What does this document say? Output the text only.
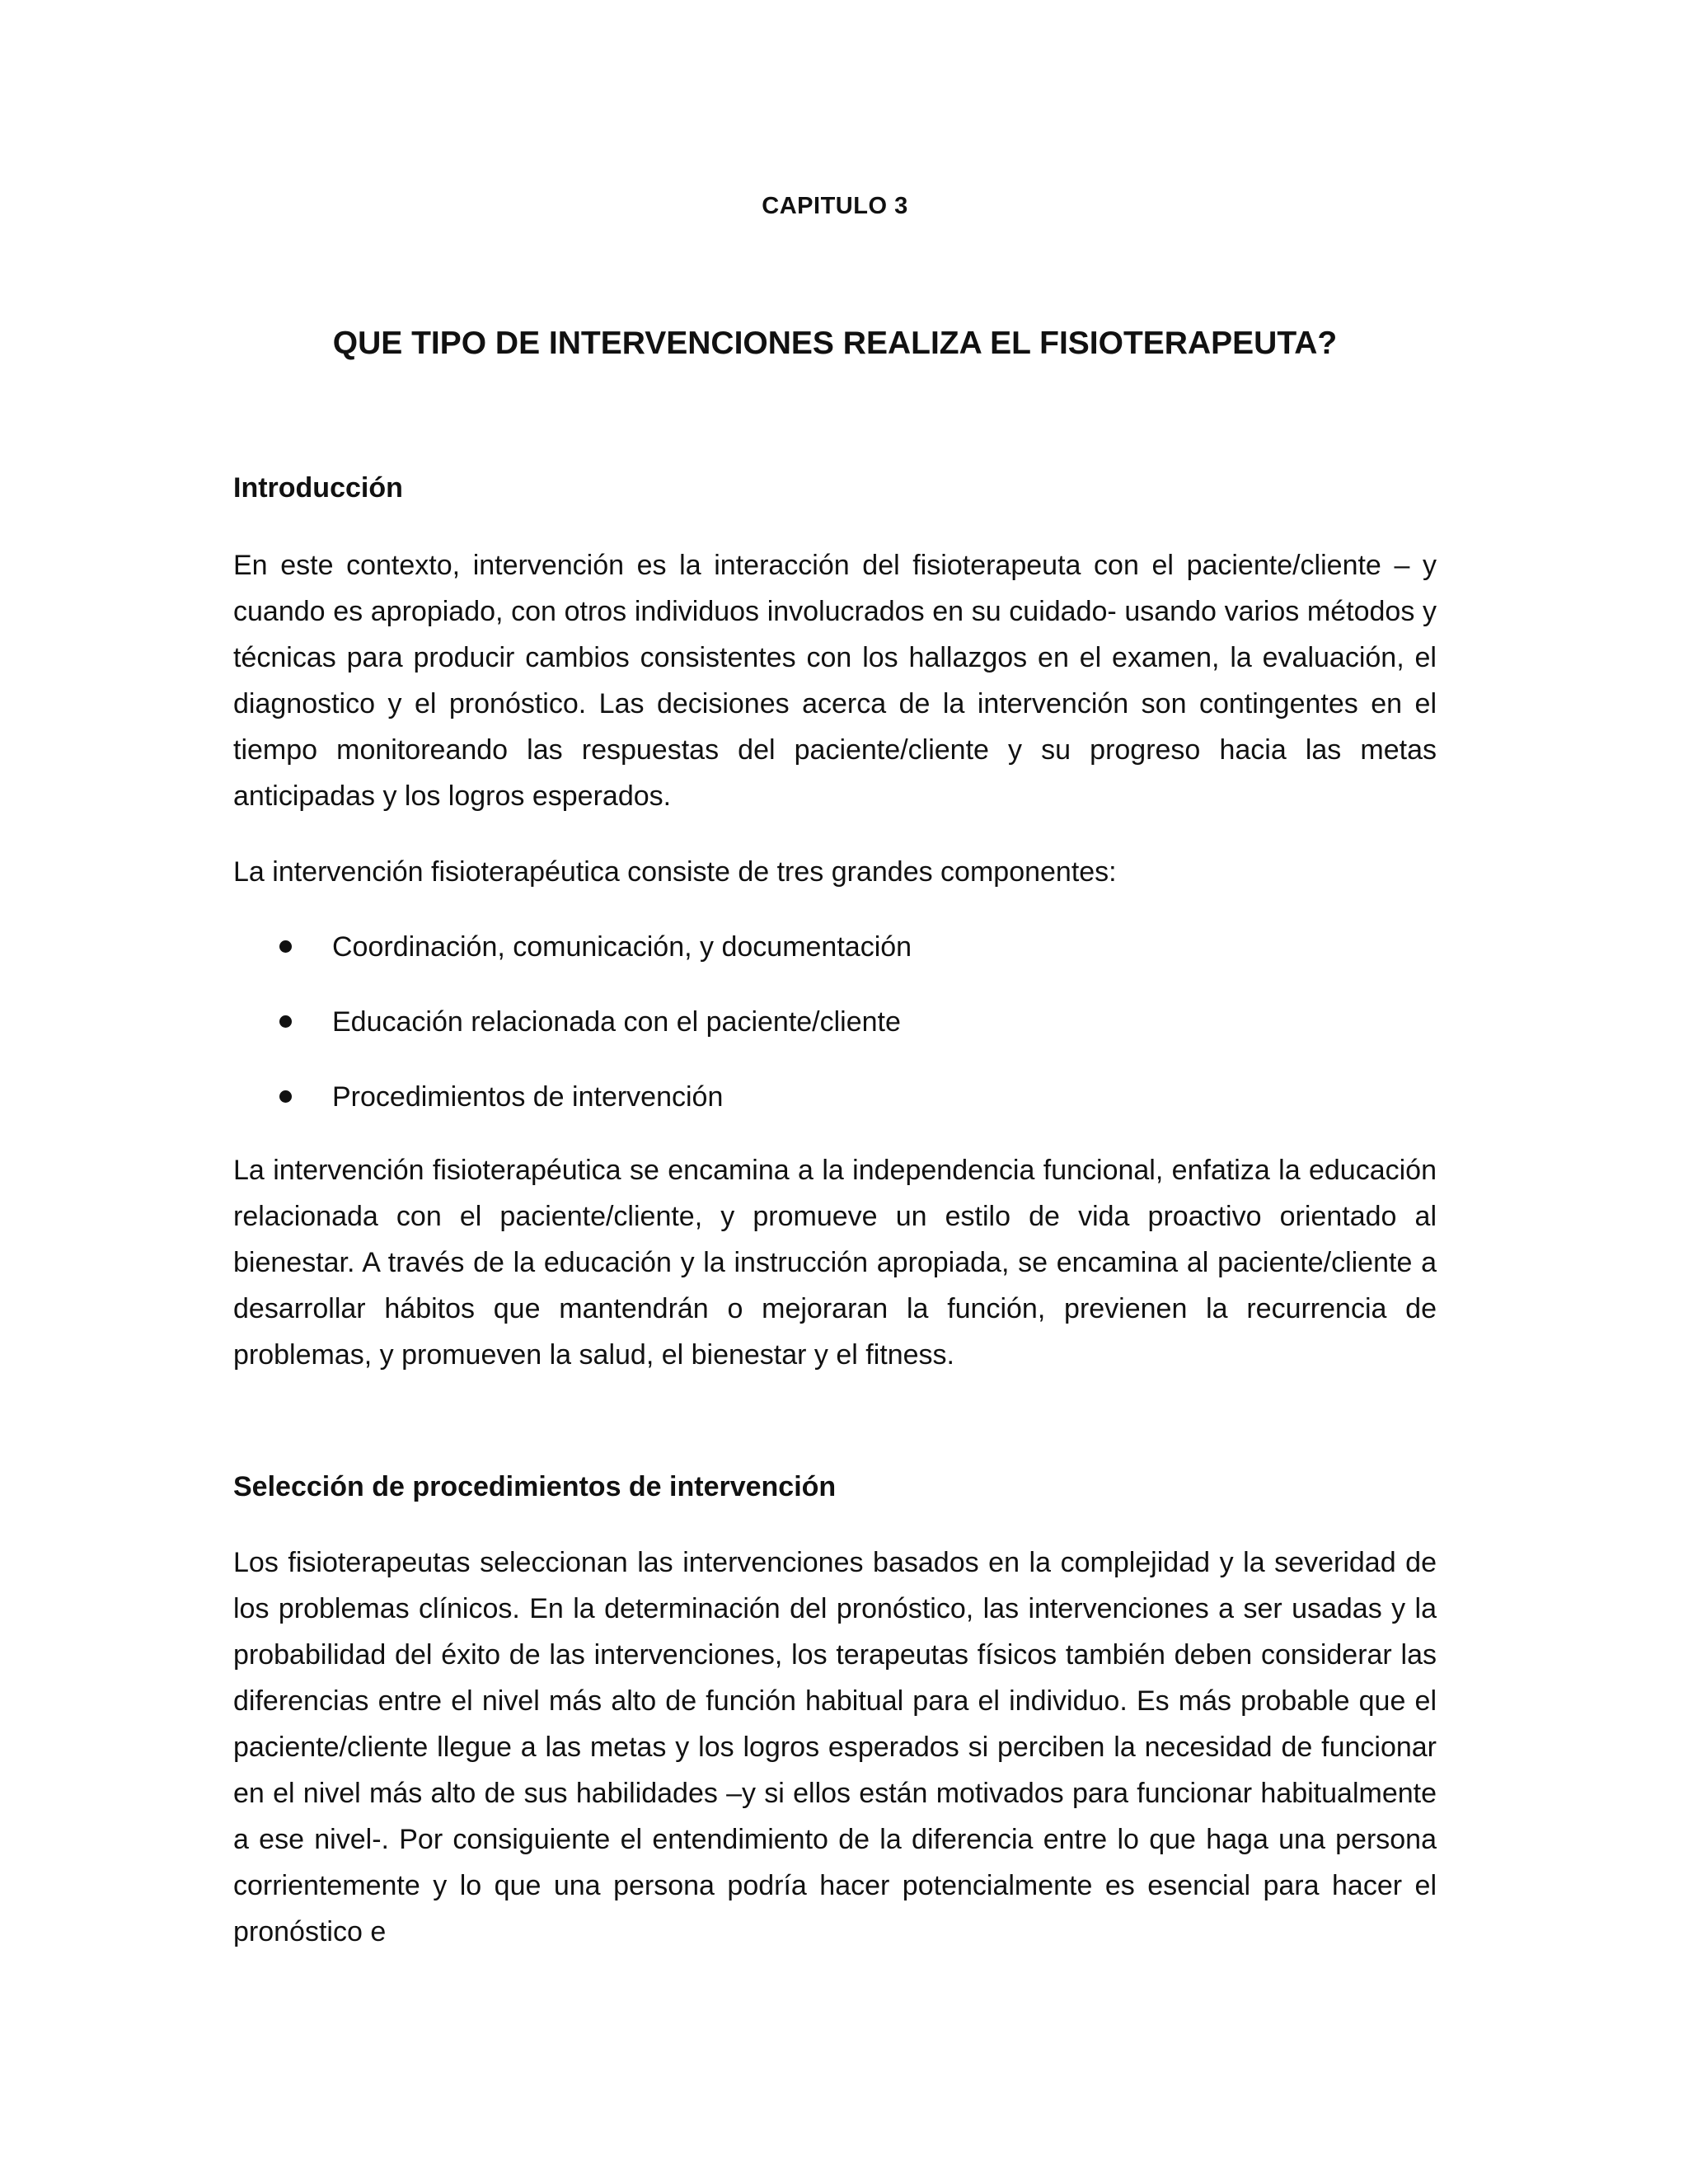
CAPITULO 3
QUE TIPO DE INTERVENCIONES REALIZA EL FISIOTERAPEUTA?
Introducción

En este contexto, intervención es la interacción del fisioterapeuta con el paciente/cliente – y cuando es apropiado, con otros individuos involucrados en su cuidado- usando varios métodos y técnicas para producir cambios consistentes con los hallazgos en el examen, la evaluación, el diagnostico y el pronóstico. Las decisiones acerca de la intervención son contingentes en el tiempo monitoreando las respuestas del paciente/cliente y su progreso hacia las metas anticipadas y los logros esperados.

La intervención fisioterapéutica consiste de tres grandes componentes:

Coordinación, comunicación, y documentación
Educación relacionada con el paciente/cliente
Procedimientos de intervención

La intervención fisioterapéutica se encamina a la independencia funcional, enfatiza la educación relacionada con el paciente/cliente, y promueve un estilo de vida proactivo orientado al bienestar. A través de la educación y la instrucción apropiada, se encamina al paciente/cliente a desarrollar hábitos que mantendrán o mejoraran la función, previenen la recurrencia de problemas, y promueven la salud, el bienestar y el fitness.

Selección de procedimientos de intervención

Los fisioterapeutas seleccionan las intervenciones basados en la complejidad y la severidad de los problemas clínicos. En la determinación del pronóstico, las intervenciones a ser usadas y la probabilidad del éxito de las intervenciones, los terapeutas físicos también deben considerar las diferencias entre el nivel más alto de función habitual para el individuo. Es más probable que el paciente/cliente llegue a las metas y los logros esperados si perciben la necesidad de funcionar en el nivel más alto de sus habilidades –y si ellos están motivados para funcionar habitualmente a ese nivel-. Por consiguiente el entendimiento de la diferencia entre lo que haga una persona corrientemente y lo que una persona podría hacer potencialmente es esencial para hacer el pronóstico e
